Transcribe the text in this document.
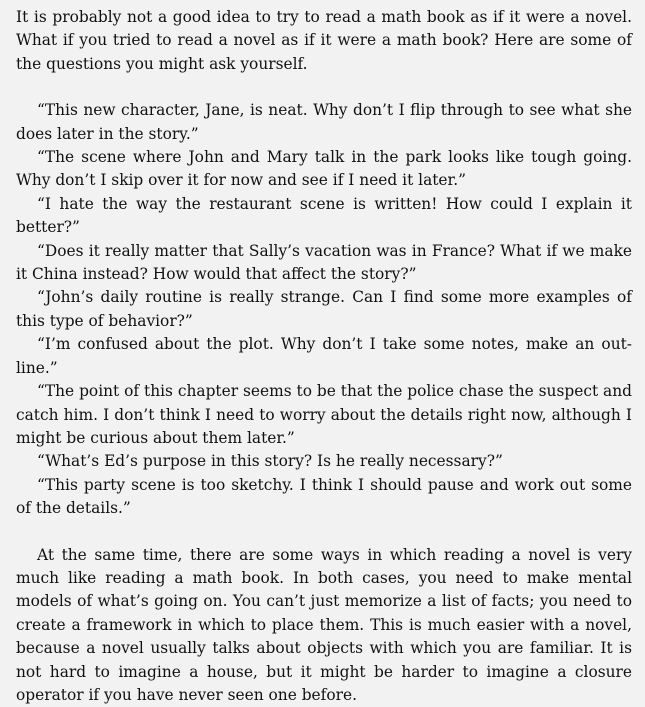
It is probably not a good idea to try to read a math book as if it were a novel. What if you tried to read a novel as if it were a math book? Here are some of the questions you might ask yourself.

“This new character, Jane, is neat. Why don’t I flip through to see what she does later in the story.”

“The scene where John and Mary talk in the park looks like tough going. Why don’t I skip over it for now and see if I need it later.”

“I hate the way the restaurant scene is written! How could I explain it better?”

“Does it really matter that Sally’s vacation was in France? What if we make it China instead? How would that affect the story?”

“John’s daily routine is really strange. Can I find some more examples of this type of behavior?”

“I’m confused about the plot. Why don’t I take some notes, make an out-line.”

“The point of this chapter seems to be that the police chase the suspect and catch him. I don’t think I need to worry about the details right now, although I might be curious about them later.”

“What’s Ed’s purpose in this story? Is he really necessary?”

“This party scene is too sketchy. I think I should pause and work out some of the details.”

At the same time, there are some ways in which reading a novel is very much like reading a math book. In both cases, you need to make mental models of what’s going on. You can’t just memorize a list of facts; you need to create a framework in which to place them. This is much easier with a novel, because a novel usually talks about objects with which you are familiar. It is not hard to imagine a house, but it might be harder to imagine a closure operator if you have never seen one before.
